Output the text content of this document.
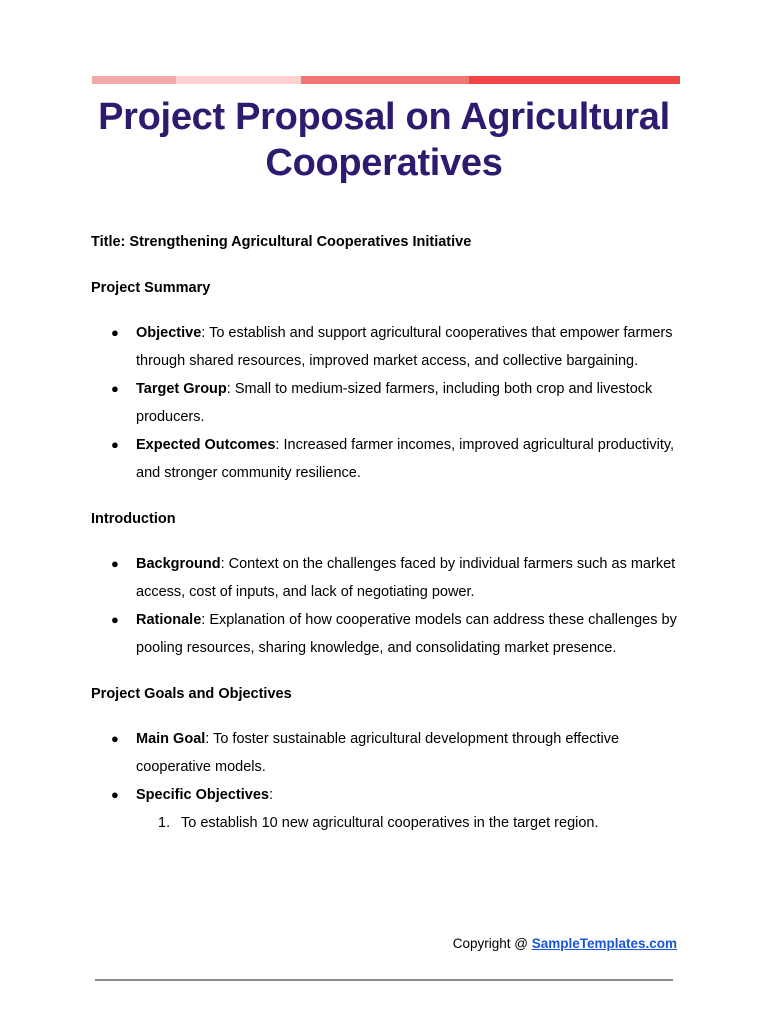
Project Proposal on Agricultural Cooperatives

Title: Strengthening Agricultural Cooperatives Initiative

Project Summary

● Objective: To establish and support agricultural cooperatives that empower farmers through shared resources, improved market access, and collective bargaining.
● Target Group: Small to medium-sized farmers, including both crop and livestock producers.
● Expected Outcomes: Increased farmer incomes, improved agricultural productivity, and stronger community resilience.

Introduction

● Background: Context on the challenges faced by individual farmers such as market access, cost of inputs, and lack of negotiating power.
● Rationale: Explanation of how cooperative models can address these challenges by pooling resources, sharing knowledge, and consolidating market presence.

Project Goals and Objectives

● Main Goal: To foster sustainable agricultural development through effective cooperative models.
● Specific Objectives:
1. To establish 10 new agricultural cooperatives in the target region.
Copyright @ SampleTemplates.com
